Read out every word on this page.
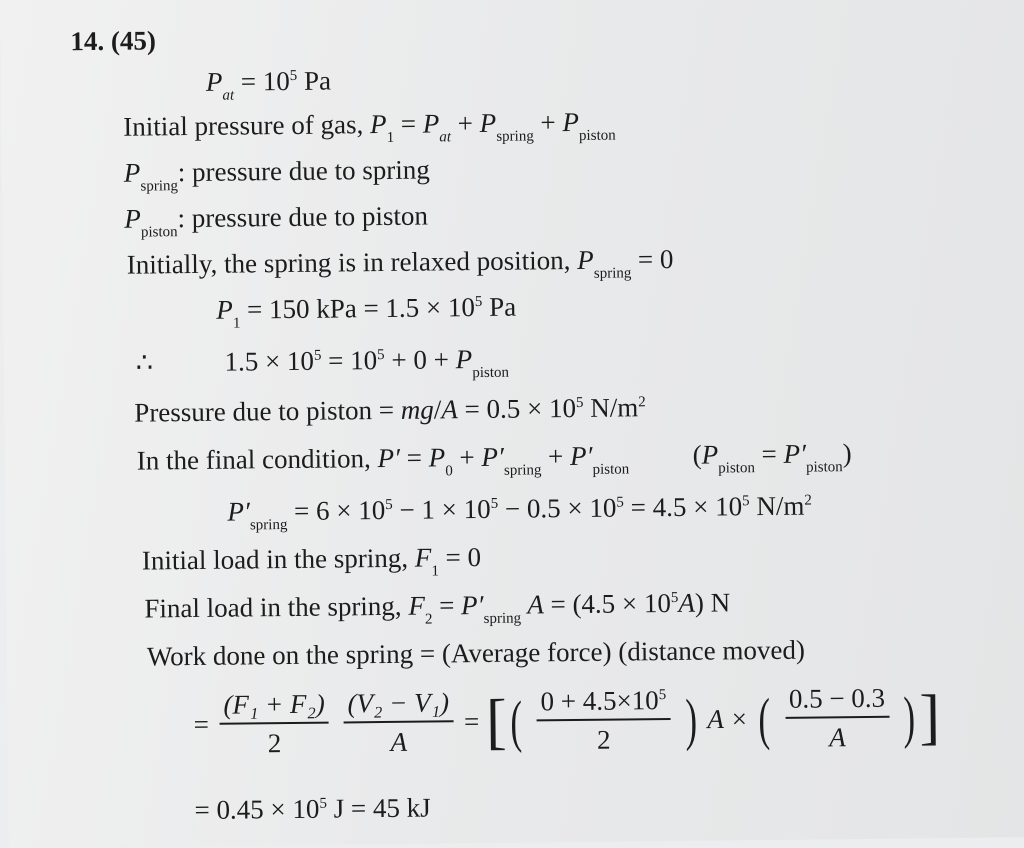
14. (45)
$P_{at} = 10^5$ Pa
Initial pressure of gas, $P_1 = P_{at} + P_{spring} + P_{piston}$
$P_{spring}$: pressure due to spring
$P_{piston}$: pressure due to piston
Initially, the spring is in relaxed position, $P_{spring} = 0$
$P_1 = 150$ kPa = $1.5 \times 10^5$ Pa
∴	$1.5 \times 10^5 = 10^5 + 0 + P_{piston}$
Pressure due to piston = $mg/A = 0.5 \times 10^5$ $N/m^2$
In the final condition, $P' = P_0 + P'_{spring} + P'_{piston}$ $(P_{piston} = P'_{piston})$
$P'_{spring} = 6 \times 10^5 - 1 \times 10^5 - 0.5 \times 10^5 = 4.5 \times 10^5$ $N/m^2$
Initial load in the spring, $F_1 = 0$
Final load in the spring, $F_2 = P'_{spring}$ $A = (4.5 \times 10^5A)$ N
Work done on the spring = (Average force) (distance moved)
= $\frac{\text{(F₁ + F₂)}}{2}$
$\frac{\text{(V₂ − V₁)}}{A}$ = [( $\frac{0 + 4.5\times 10^5}{2}$ ) A × ( $\frac{0.5 - 0.3}{A}$ )]
= $0.45 \times 10^5$ J = 45 kJ
